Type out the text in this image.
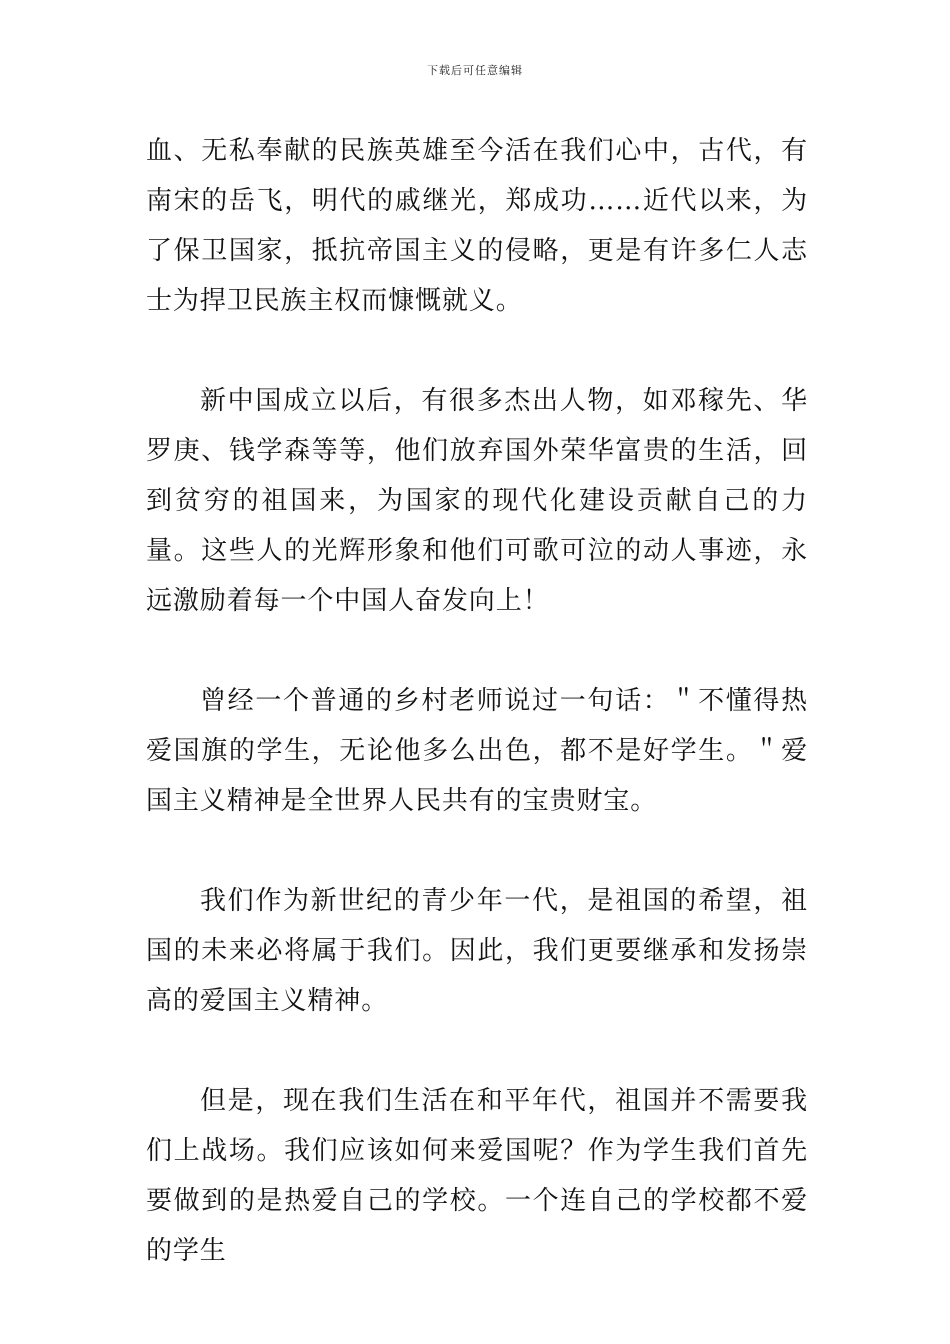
下载后可任意编辑

血、无私奉献的民族英雄至今活在我们心中，古代，有南宋的岳飞，明代的戚继光，郑成功……近代以来，为了保卫国家，抵抗帝国主义的侵略，更是有许多仁人志士为捍卫民族主权而慷慨就义。

新中国成立以后，有很多杰出人物，如邓稼先、华罗庚、钱学森等等，他们放弃国外荣华富贵的生活，回到贫穷的祖国来，为国家的现代化建设贡献自己的力量。这些人的光辉形象和他们可歌可泣的动人事迹，永远激励着每一个中国人奋发向上！

曾经一个普通的乡村老师说过一句话：＂不懂得热爱国旗的学生，无论他多么出色，都不是好学生。＂爱国主义精神是全世界人民共有的宝贵财宝。

我们作为新世纪的青少年一代，是祖国的希望，祖国的未来必将属于我们。因此，我们更要继承和发扬崇高的爱国主义精神。

但是，现在我们生活在和平年代，祖国并不需要我们上战场。我们应该如何来爱国呢？作为学生我们首先要做到的是热爱自己的学校。一个连自己的学校都不爱的学生
